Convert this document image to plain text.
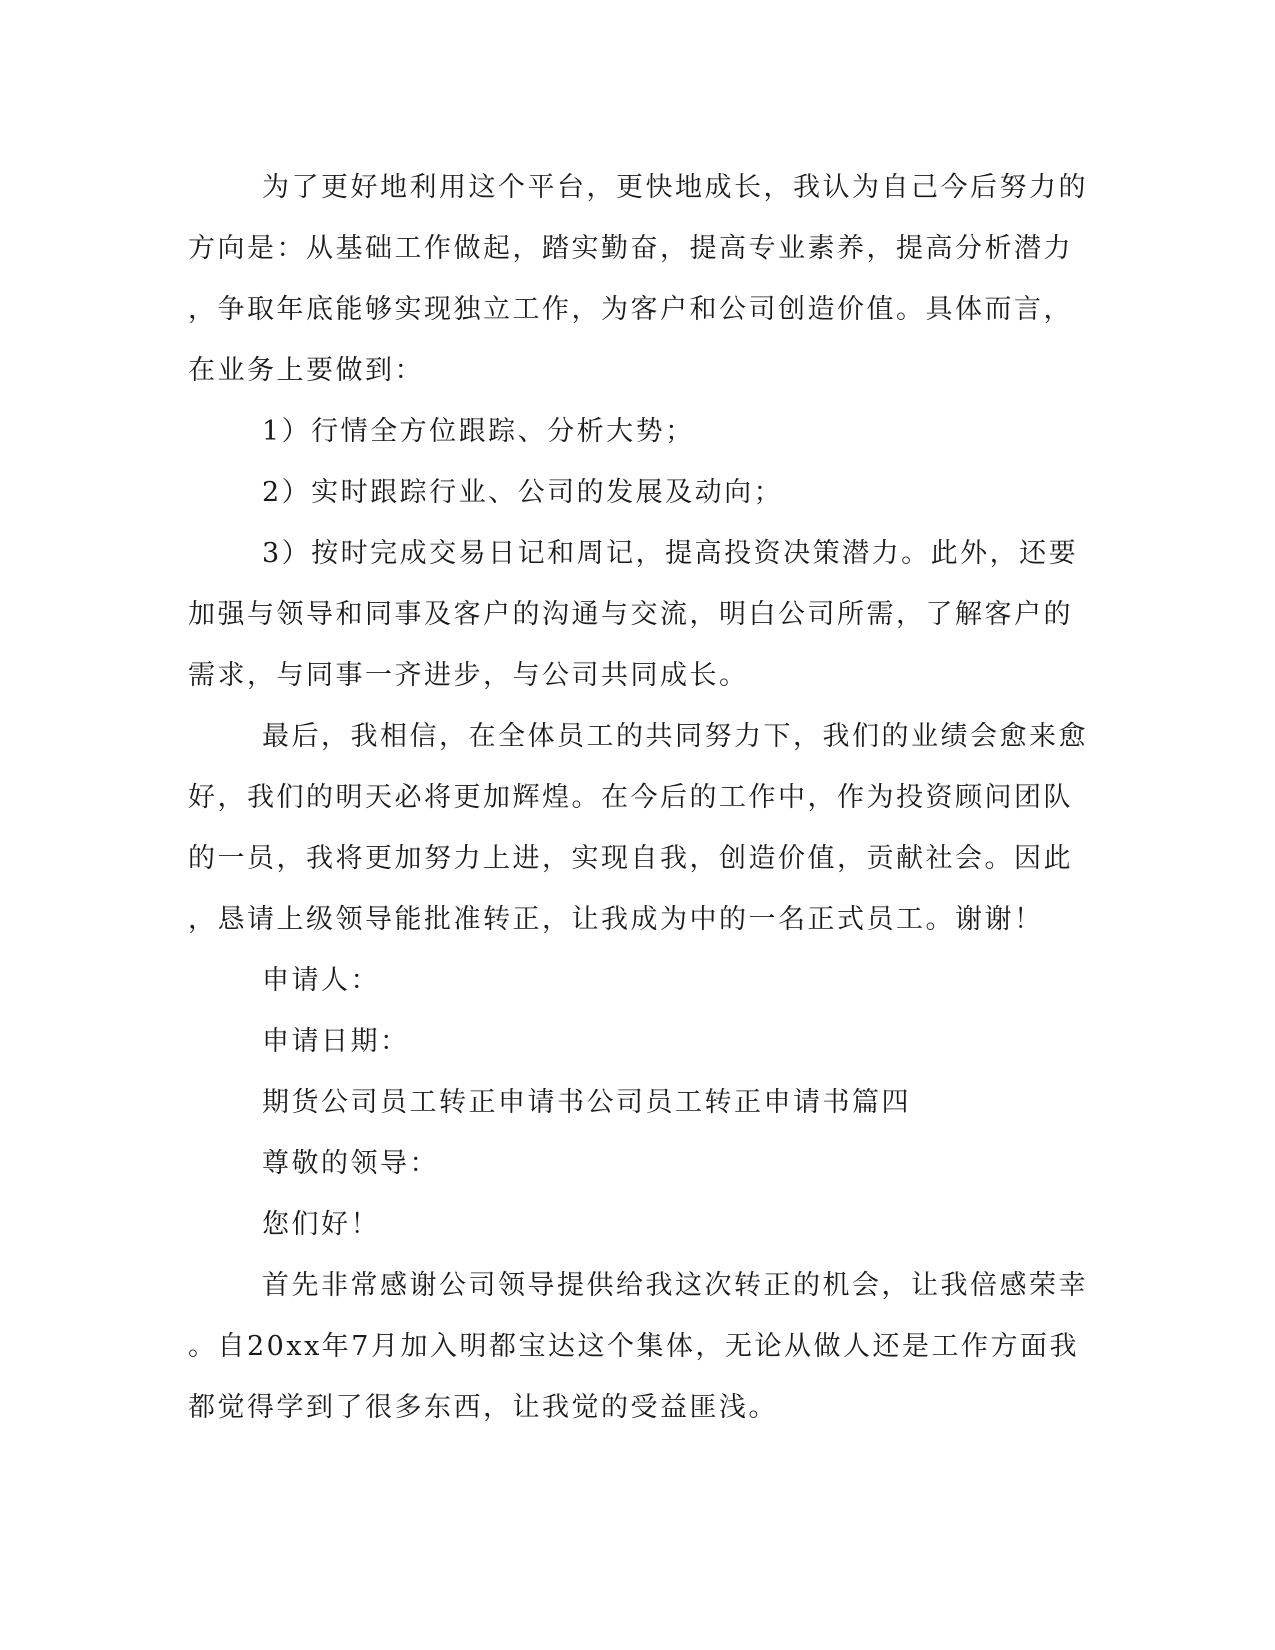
为了更好地利用这个平台，更快地成长，我认为自己今后努力的

方向是：从基础工作做起，踏实勤奋，提高专业素养，提高分析潜力

，争取年底能够实现独立工作，为客户和公司创造价值。具体而言，

在业务上要做到：

1）行情全方位跟踪、分析大势；

2）实时跟踪行业、公司的发展及动向；

3）按时完成交易日记和周记，提高投资决策潜力。此外，还要

加强与领导和同事及客户的沟通与交流，明白公司所需，了解客户的

需求，与同事一齐进步，与公司共同成长。

最后，我相信，在全体员工的共同努力下，我们的业绩会愈来愈

好，我们的明天必将更加辉煌。在今后的工作中，作为投资顾问团队

的一员，我将更加努力上进，实现自我，创造价值，贡献社会。因此

，恳请上级领导能批准转正，让我成为中的一名正式员工。谢谢！

申请人：

申请日期：

期货公司员工转正申请书公司员工转正申请书篇四

尊敬的领导：

您们好！

首先非常感谢公司领导提供给我这次转正的机会，让我倍感荣幸

。自20xx年7月加入明都宝达这个集体，无论从做人还是工作方面我

都觉得学到了很多东西，让我觉的受益匪浅。
